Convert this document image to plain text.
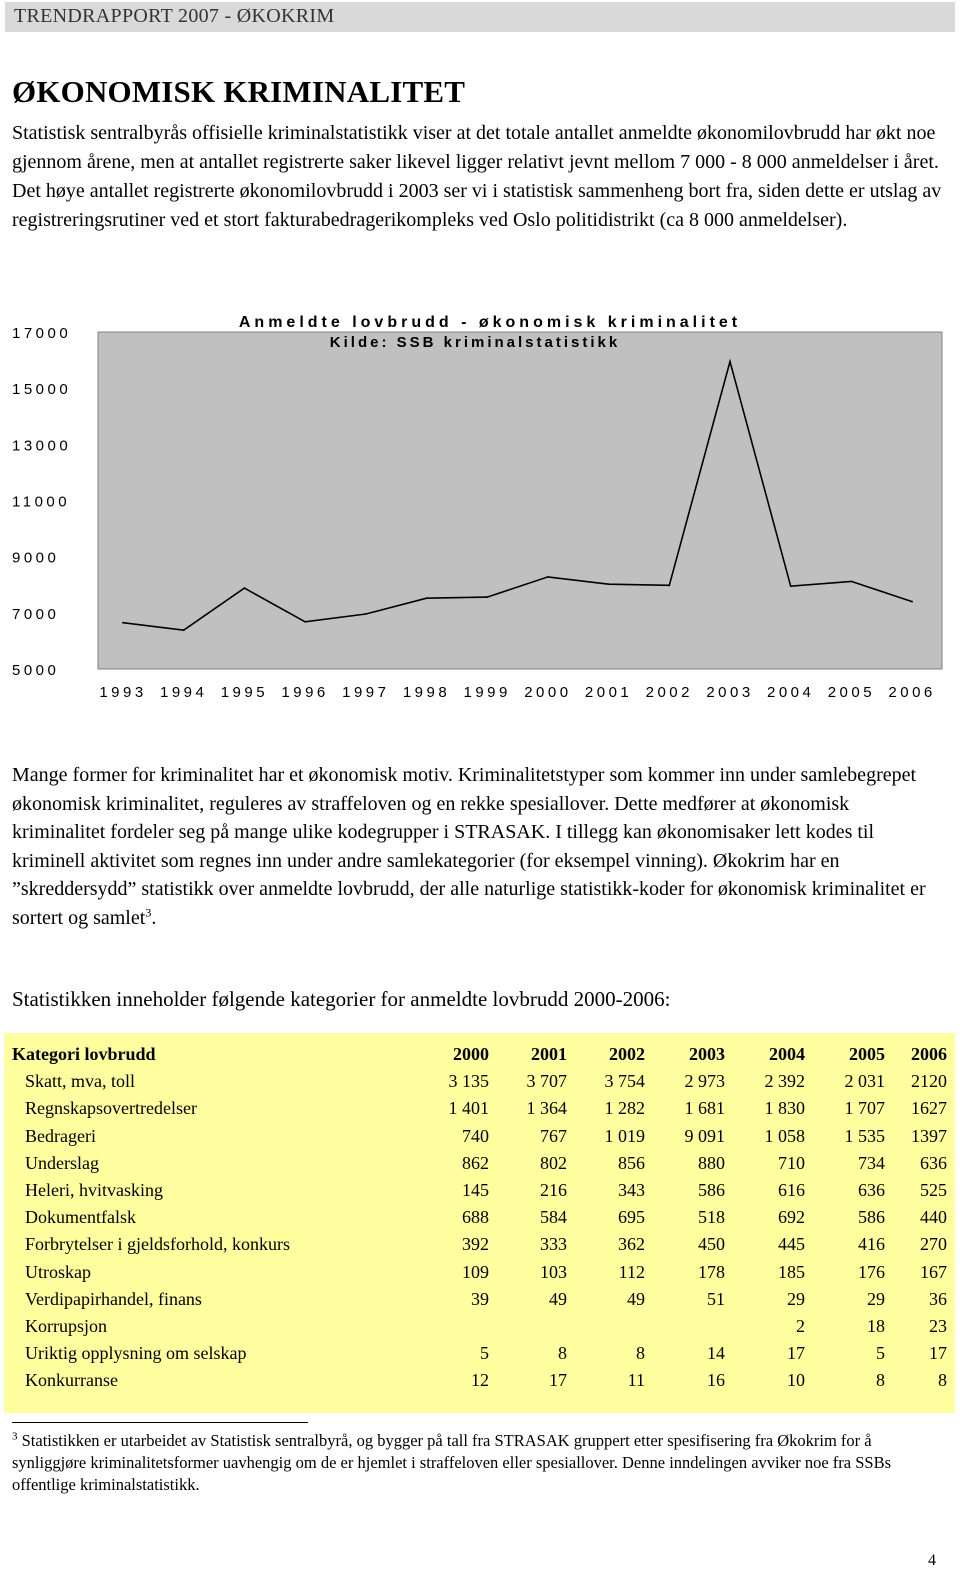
TRENDRAPPORT 2007 - ØKOKRIM
ØKONOMISK KRIMINALITET
Statistisk sentralbyrås offisielle kriminalstatistikk viser at det totale antallet anmeldte økonomilovbrudd har økt noe gjennom årene, men at antallet registrerte saker likevel ligger relativt jevnt mellom 7 000 - 8 000 anmeldelser i året. Det høye antallet registrerte økonomilovbrudd i 2003 ser vi i statistisk sammenheng bort fra, siden dette er utslag av registreringsrutiner ved et stort fakturabedragerikompleks ved Oslo politidistrikt (ca 8 000 anmeldelser).
Anmeldte lovbrudd - økonomisk kriminalitet
Kilde: SSB kriminalstatistikk
17000
15000
13000
11000
9000
7000
5000
1993 1994 1995 1996 1997 1998 1999 2000 2001 2002 2003 2004 2005 2006
Mange former for kriminalitet har et økonomisk motiv. Kriminalitetstyper som kommer inn under samlebegrepet økonomisk kriminalitet, reguleres av straffeloven og en rekke spesiallover. Dette medfører at økonomisk kriminalitet fordeler seg på mange ulike kodegrupper i STRASAK. I tillegg kan økonomisaker lett kodes til kriminell aktivitet som regnes inn under andre samlekategorier (for eksempel vinning). Økokrim har en ”skreddersydd” statistikk over anmeldte lovbrudd, der alle naturlige statistikk-koder for økonomisk kriminalitet er sortert og samlet$^3$.
Statistikken inneholder følgende kategorier for anmeldte lovbrudd 2000-2006:
Kategori lovbrudd	2000	2001	2002	2003	2004	2005	2006
Skatt, mva, toll	3 135	3 707	3 754	2 973	2 392	2 031	2120
Regnskapsovertredelser	1 401	1 364	1 282	1 681	1 830	1 707	1627
Bedrageri	740	767	1 019	9 091	1 058	1 535	1397
Underslag	862	802	856	880	710	734	636
Heleri, hvitvasking	145	216	343	586	616	636	525
Dokumentfalsk	688	584	695	518	692	586	440
Forbrytelser i gjeldsforhold, konkurs	392	333	362	450	445	416	270
Utroskap	109	103	112	178	185	176	167
Verdipapirhandel, finans	39	49	49	51	29	29	36
Korrupsjon					2	18	23
Uriktig opplysning om selskap	5	8	8	14	17	5	17
Konkurranse	12	17	11	16	10	8	8
$^3$ Statistikken er utarbeidet av Statistisk sentralbyrå, og bygger på tall fra STRASAK gruppert etter spesifisering fra Økokrim for å synliggjøre kriminalitetsformer uavhengig om de er hjemlet i straffeloven eller spesiallover. Denne inndelingen avviker noe fra SSBs offentlige kriminalstatistikk.
4
